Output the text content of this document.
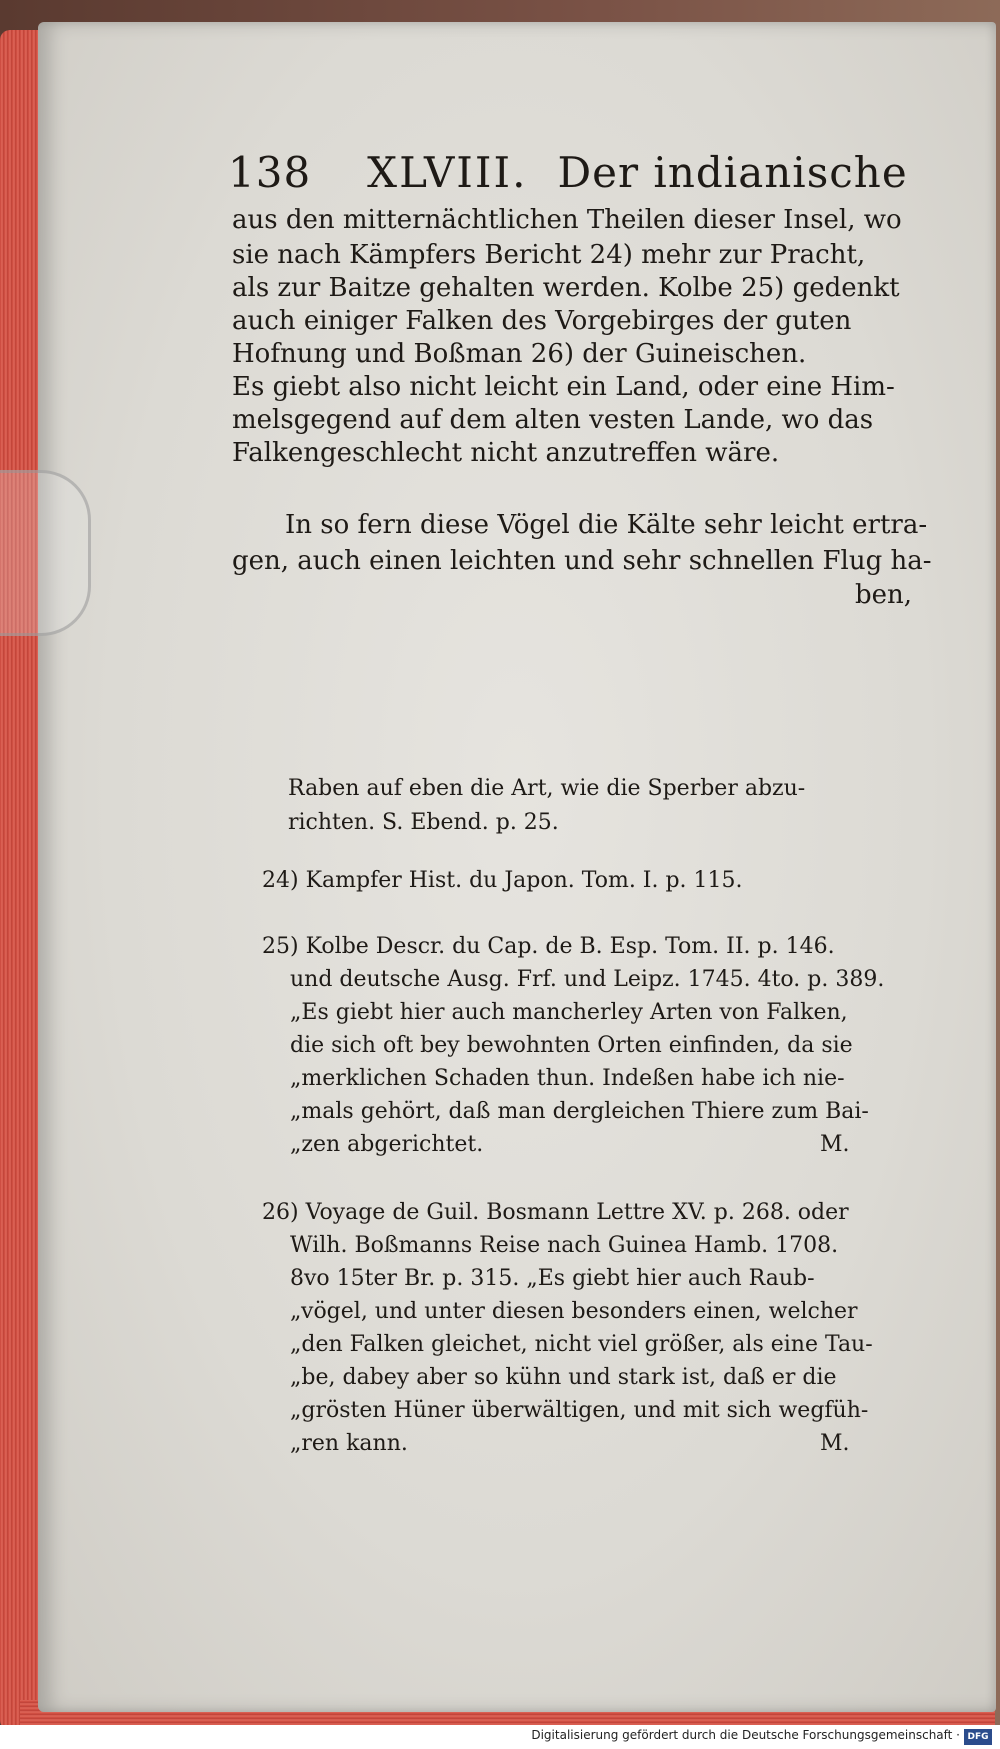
138 XLVIII. Der indianische
aus den mitternächtlichen Theilen dieser Insel, wo
sie nach Kämpfers Bericht 24) mehr zur Pracht,
als zur Baitze gehalten werden. Kolbe 25) gedenkt
auch einiger Falken des Vorgebirges der guten
Hofnung und Boßman 26) der Guineischen.
Es giebt also nicht leicht ein Land, oder eine Him-
melsgegend auf dem alten vesten Lande, wo das
Falkengeschlecht nicht anzutreffen wäre.
In so fern diese Vögel die Kälte sehr leicht ertra-
gen, auch einen leichten und sehr schnellen Flug ha-
ben,
Raben auf eben die Art, wie die Sperber abzu-
richten. S. Ebend. p. 25.
24) Kampfer Hist. du Japon. Tom. I. p. 115.
25) Kolbe Descr. du Cap. de B. Esp. Tom. II. p. 146.
und deutsche Ausg. Frf. und Leipz. 1745. 4to. p. 389.
„Es giebt hier auch mancherley Arten von Falken,
die sich oft bey bewohnten Orten einfinden, da sie
„merklichen Schaden thun. Indeßen habe ich nie-
„mals gehört, daß man dergleichen Thiere zum Bai-
„zen abgerichtet.	M.
26) Voyage de Guil. Bosmann Lettre XV. p. 268. oder
Wilh. Boßmanns Reise nach Guinea Hamb. 1708.
8vo 15ter Br. p. 315. „Es giebt hier auch Raub-
„vögel, und unter diesen besonders einen, welcher
„den Falken gleichet, nicht viel größer, als eine Tau-
„be, dabey aber so kühn und stark ist, daß er die
„grösten Hüner überwältigen, und mit sich wegfüh-
„ren kann.	M.
Digitalisierung gefördert durch die Deutsche Forschungsgemeinschaft · DFG
